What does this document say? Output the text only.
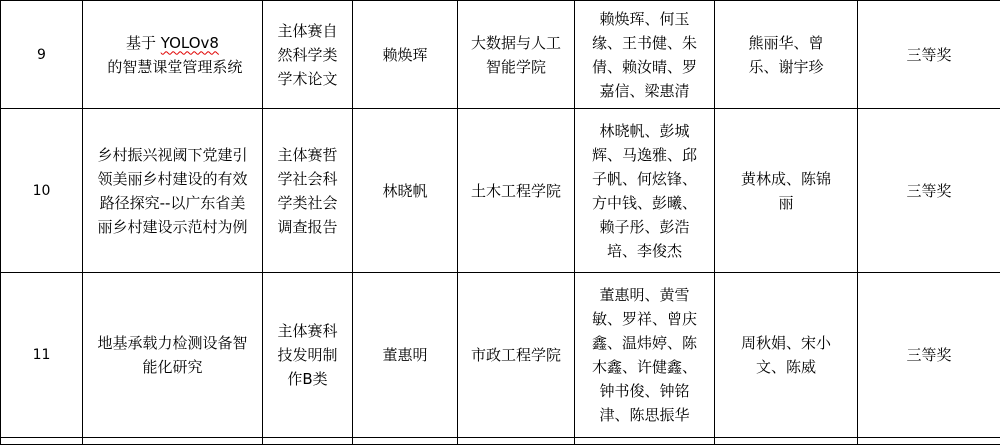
9	基于 YOLOv8 的智慧课堂管理系统	主体赛自然科学类学术论文	赖焕珲	大数据与人工智能学院	赖焕珲、何玉缘、王书健、朱倩、赖汝晴、罗嘉信、梁惠清	熊丽华、曾乐、谢宇珍	三等奖
10	乡村振兴视阈下党建引领美丽乡村建设的有效路径探究--以广东省美丽乡村建设示范村为例	主体赛哲学社会科学类社会调查报告	林晓帆	土木工程学院	林晓帆、彭城辉、马逸雅、邱子帆、何炫锋、方中钱、彭曦、赖子彤、彭浩培、李俊杰	黄林成、陈锦丽	三等奖
11	地基承载力检测设备智能化研究	主体赛科技发明制作B类	董惠明	市政工程学院	董惠明、黄雪敏、罗祥、曾庆鑫、温炜婷、陈木鑫、许健鑫、钟书俊、钟铭津、陈思振华	周秋娟、宋小文、陈威	三等奖
